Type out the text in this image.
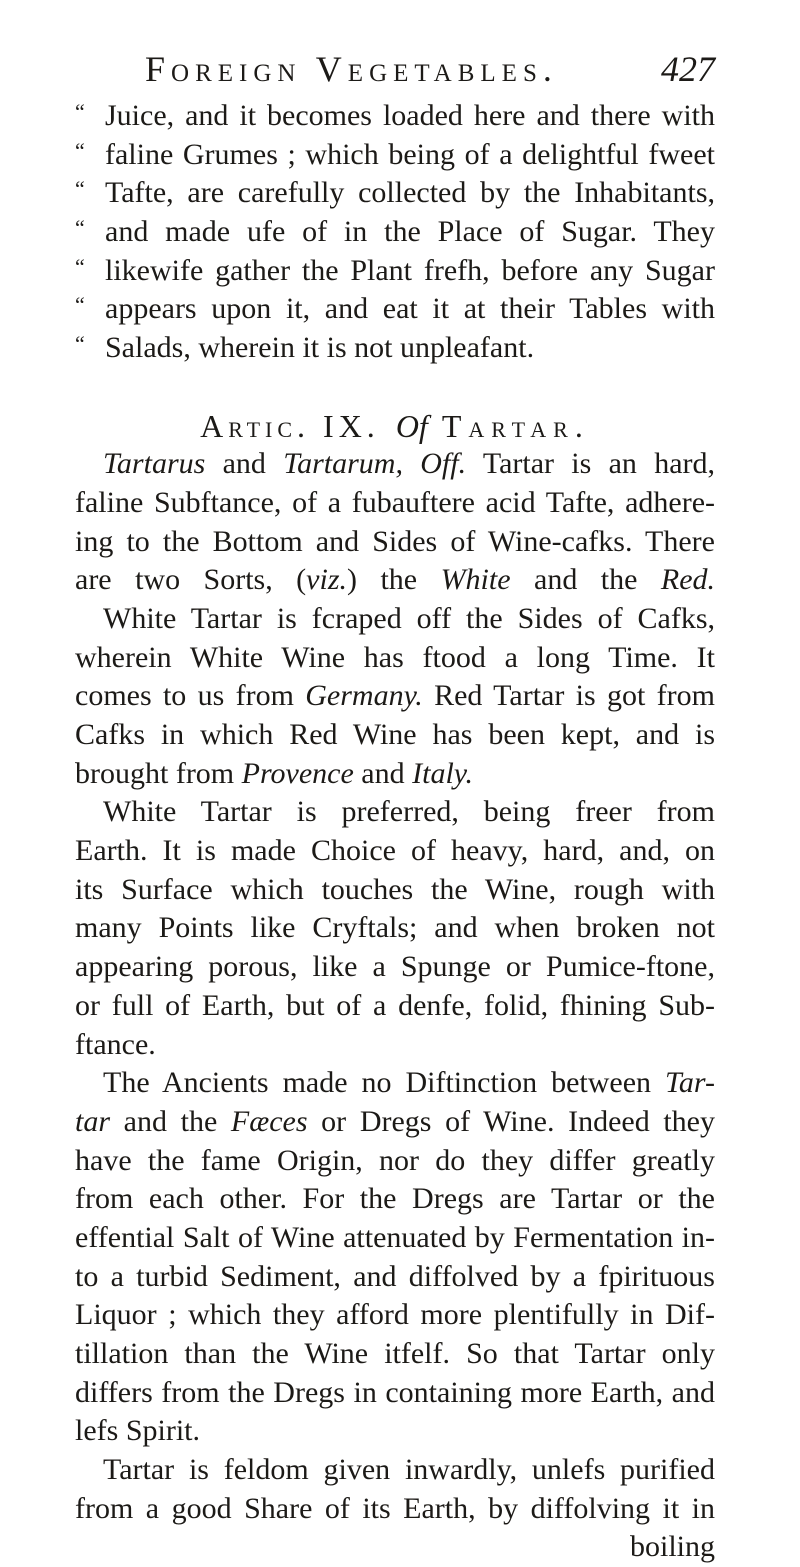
Foreign Vegetables.	427
“ Juice, and it becomes loaded here and there with
“ faline Grumes ; which being of a delightful fweet
“ Tafte, are carefully collected by the Inhabitants,
“ and made ufe of in the Place of Sugar. They
“ likewife gather the Plant frefh, before any Sugar
“ appears upon it, and eat it at their Tables with
“ Salads, wherein it is not unpleafant.
Artic. IX. Of Tartar.
Tartarus and Tartarum, Off. Tartar is an hard,
faline Subftance, of a fubauftere acid Tafte, adhere-
ing to the Bottom and Sides of Wine-cafks. There
are two Sorts, (viz.) the White and the Red.
White Tartar is fcraped off the Sides of Cafks,
wherein White Wine has ftood a long Time. It
comes to us from Germany. Red Tartar is got from
Cafks in which Red Wine has been kept, and is
brought from Provence and Italy.
White Tartar is preferred, being freer from
Earth. It is made Choice of heavy, hard, and, on
its Surface which touches the Wine, rough with
many Points like Cryftals; and when broken not
appearing porous, like a Spunge or Pumice-ftone,
or full of Earth, but of a denfe, folid, fhining Sub-
ftance.
The Ancients made no Diftinction between Tar-
tar and the Fæces or Dregs of Wine. Indeed they
have the fame Origin, nor do they differ greatly
from each other. For the Dregs are Tartar or the
effential Salt of Wine attenuated by Fermentation in-
to a turbid Sediment, and diffolved by a fpirituous
Liquor ; which they afford more plentifully in Dif-
tillation than the Wine itfelf. So that Tartar only
differs from the Dregs in containing more Earth, and
lefs Spirit.
Tartar is feldom given inwardly, unlefs purified
from a good Share of its Earth, by diffolving it in
boiling
